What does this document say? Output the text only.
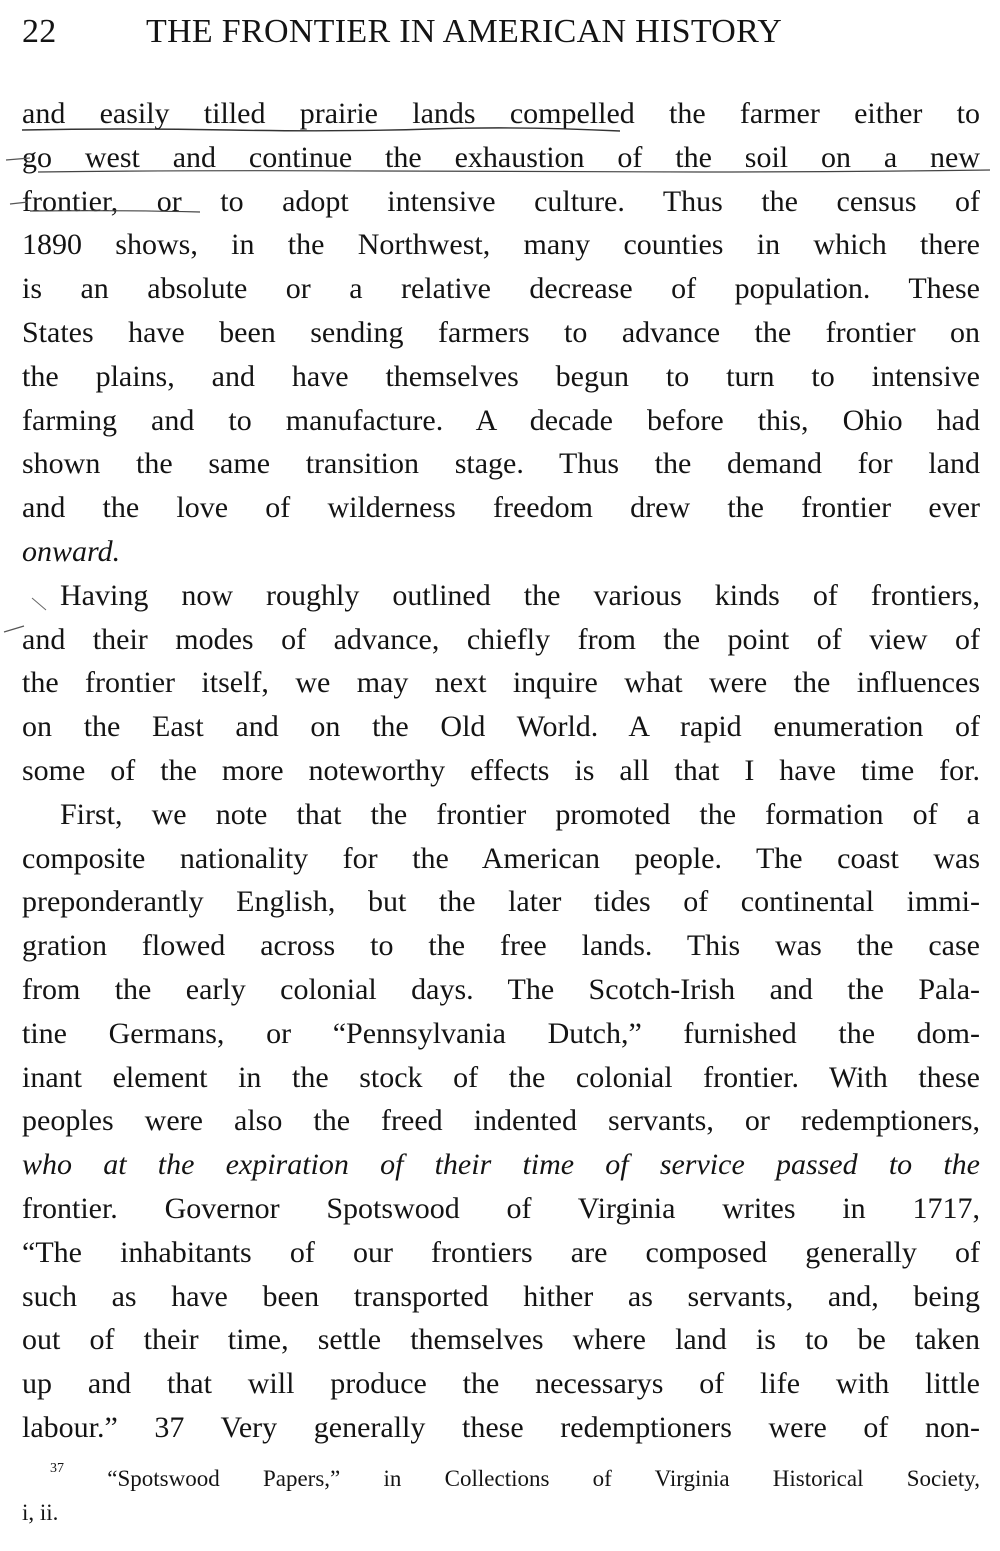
22	THE FRONTIER IN AMERICAN HISTORY
and easily tilled prairie lands compelled the farmer either to
go west and continue the exhaustion of the soil on a new
frontier, or to adopt intensive culture. Thus the census of
1890 shows, in the Northwest, many counties in which there
is an absolute or a relative decrease of population. These
States have been sending farmers to advance the frontier on
the plains, and have themselves begun to turn to intensive
farming and to manufacture. A decade before this, Ohio had
shown the same transition stage. Thus the demand for land
and the love of wilderness freedom drew the frontier ever
onward.
Having now roughly outlined the various kinds of frontiers,
and their modes of advance, chiefly from the point of view of
the frontier itself, we may next inquire what were the influences
on the East and on the Old World. A rapid enumeration of
some of the more noteworthy effects is all that I have time for.
First, we note that the frontier promoted the formation of a
composite nationality for the American people. The coast was
preponderantly English, but the later tides of continental immi-
gration flowed across to the free lands. This was the case
from the early colonial days. The Scotch-Irish and the Pala-
tine Germans, or “Pennsylvania Dutch,” furnished the dom-
inant element in the stock of the colonial frontier. With these
peoples were also the freed indented servants, or redemptioners,
who at the expiration of their time of service passed to the
frontier. Governor Spotswood of Virginia writes in 1717,
“The inhabitants of our frontiers are composed generally of
such as have been transported hither as servants, and, being
out of their time, settle themselves where land is to be taken
up and that will produce the necessarys of life with little
labour.” 37 Very generally these redemptioners were of non-
$^{37}$ “Spotswood Papers,” in Collections of Virginia Historical Society,
i, ii.
